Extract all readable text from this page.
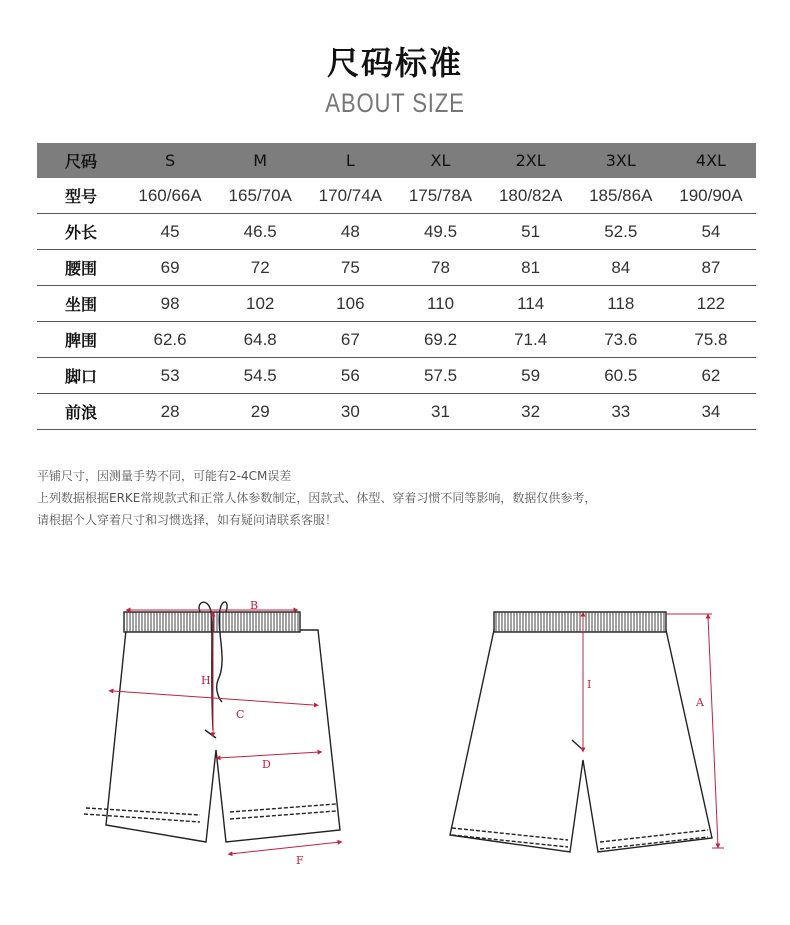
尺码标准
ABOUT SIZE
尺码	S	M	L	XL	2XL	3XL	4XL
型号	160/66A	165/70A	170/74A	175/78A	180/82A	185/86A	190/90A
外长	45	46.5	48	49.5	51	52.5	54
腰围	69	72	75	78	81	84	87
坐围	98	102	106	110	114	118	122
脾围	62.6	64.8	67	69.2	71.4	73.6	75.8
脚口	53	54.5	56	57.5	59	60.5	62
前浪	28	29	30	31	32	33	34
平铺尺寸，因测量手势不同，可能有2-4CM误差
上列数据根据ERKE常规款式和正常人体参数制定，因款式、体型、穿着习惯不同等影响，数据仅供参考，
请根据个人穿着尺寸和习惯选择，如有疑问请联系客服！
B
H
C
D
F
I
A
